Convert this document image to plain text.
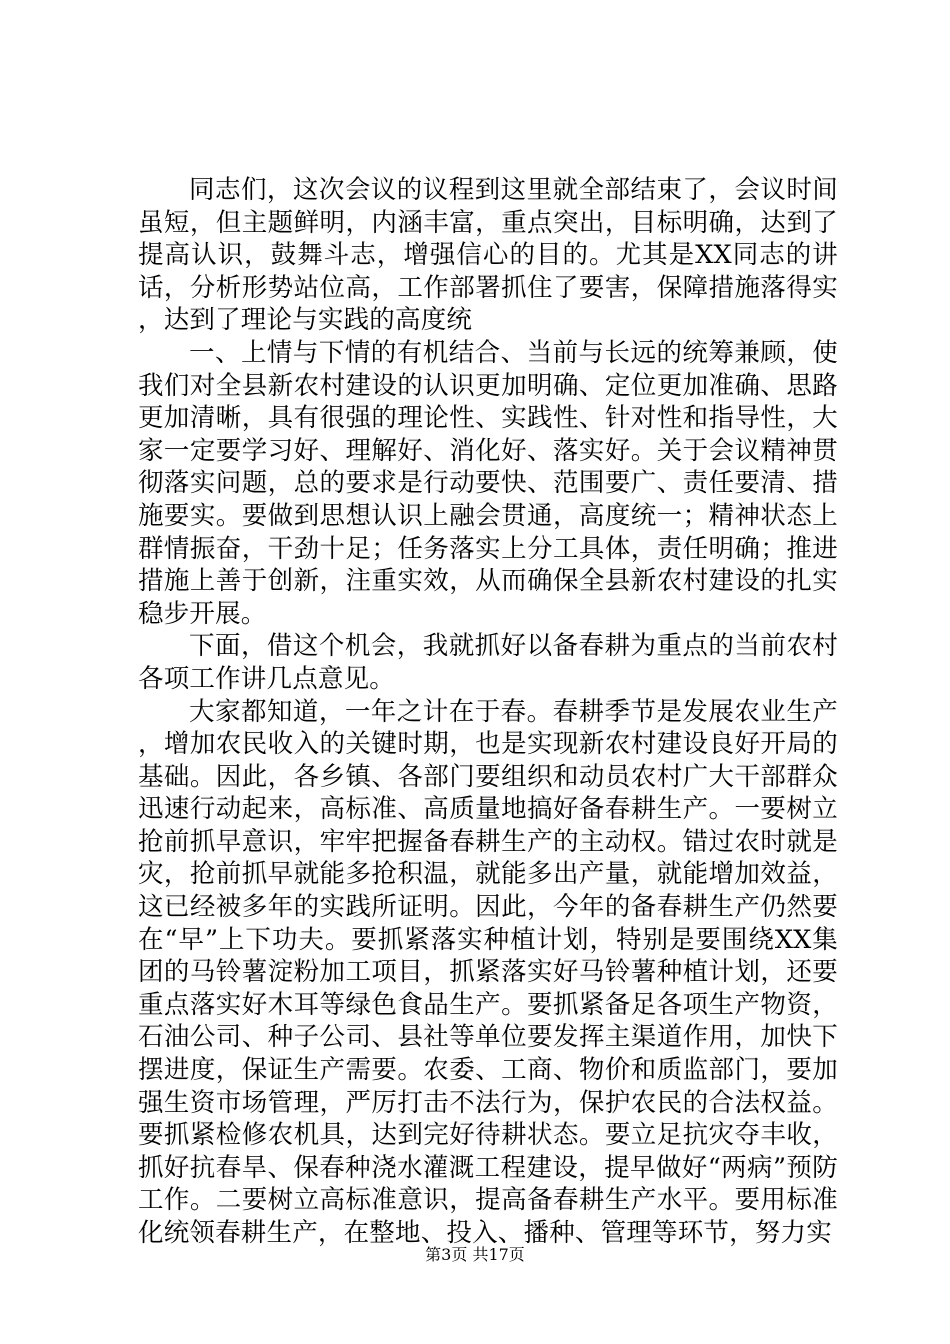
同志们，这次会议的议程到这里就全部结束了，会议时间虽短，但主题鲜明，内涵丰富，重点突出，目标明确，达到了提高认识，鼓舞斗志，增强信心的目的。尤其是XX同志的讲话，分析形势站位高，工作部署抓住了要害，保障措施落得实，达到了理论与实践的高度统

一、上情与下情的有机结合、当前与长远的统筹兼顾，使我们对全县新农村建设的认识更加明确、定位更加准确、思路更加清晰，具有很强的理论性、实践性、针对性和指导性，大家一定要学习好、理解好、消化好、落实好。关于会议精神贯彻落实问题，总的要求是行动要快、范围要广、责任要清、措施要实。要做到思想认识上融会贯通，高度统一；精神状态上群情振奋，干劲十足；任务落实上分工具体，责任明确；推进措施上善于创新，注重实效，从而确保全县新农村建设的扎实稳步开展。

下面，借这个机会，我就抓好以备春耕为重点的当前农村各项工作讲几点意见。

大家都知道，一年之计在于春。春耕季节是发展农业生产，增加农民收入的关键时期，也是实现新农村建设良好开局的基础。因此，各乡镇、各部门要组织和动员农村广大干部群众迅速行动起来，高标准、高质量地搞好备春耕生产。一要树立抢前抓早意识，牢牢把握备春耕生产的主动权。错过农时就是灾，抢前抓早就能多抢积温，就能多出产量，就能增加效益，这已经被多年的实践所证明。因此，今年的备春耕生产仍然要在“早”上下功夫。要抓紧落实种植计划，特别是要围绕XX集团的马铃薯淀粉加工项目，抓紧落实好马铃薯种植计划，还要重点落实好木耳等绿色食品生产。要抓紧备足各项生产物资，石油公司、种子公司、县社等单位要发挥主渠道作用，加快下摆进度，保证生产需要。农委、工商、物价和质监部门，要加强生资市场管理，严厉打击不法行为，保护农民的合法权益。要抓紧检修农机具，达到完好待耕状态。要立足抗灾夺丰收，抓好抗春旱、保春种浇水灌溉工程建设，提早做好“两病”预防工作。二要树立高标准意识，提高备春耕生产水平。要用标准化统领春耕生产，在整地、投入、播种、管理等环节，努力实

第3页 共17页
